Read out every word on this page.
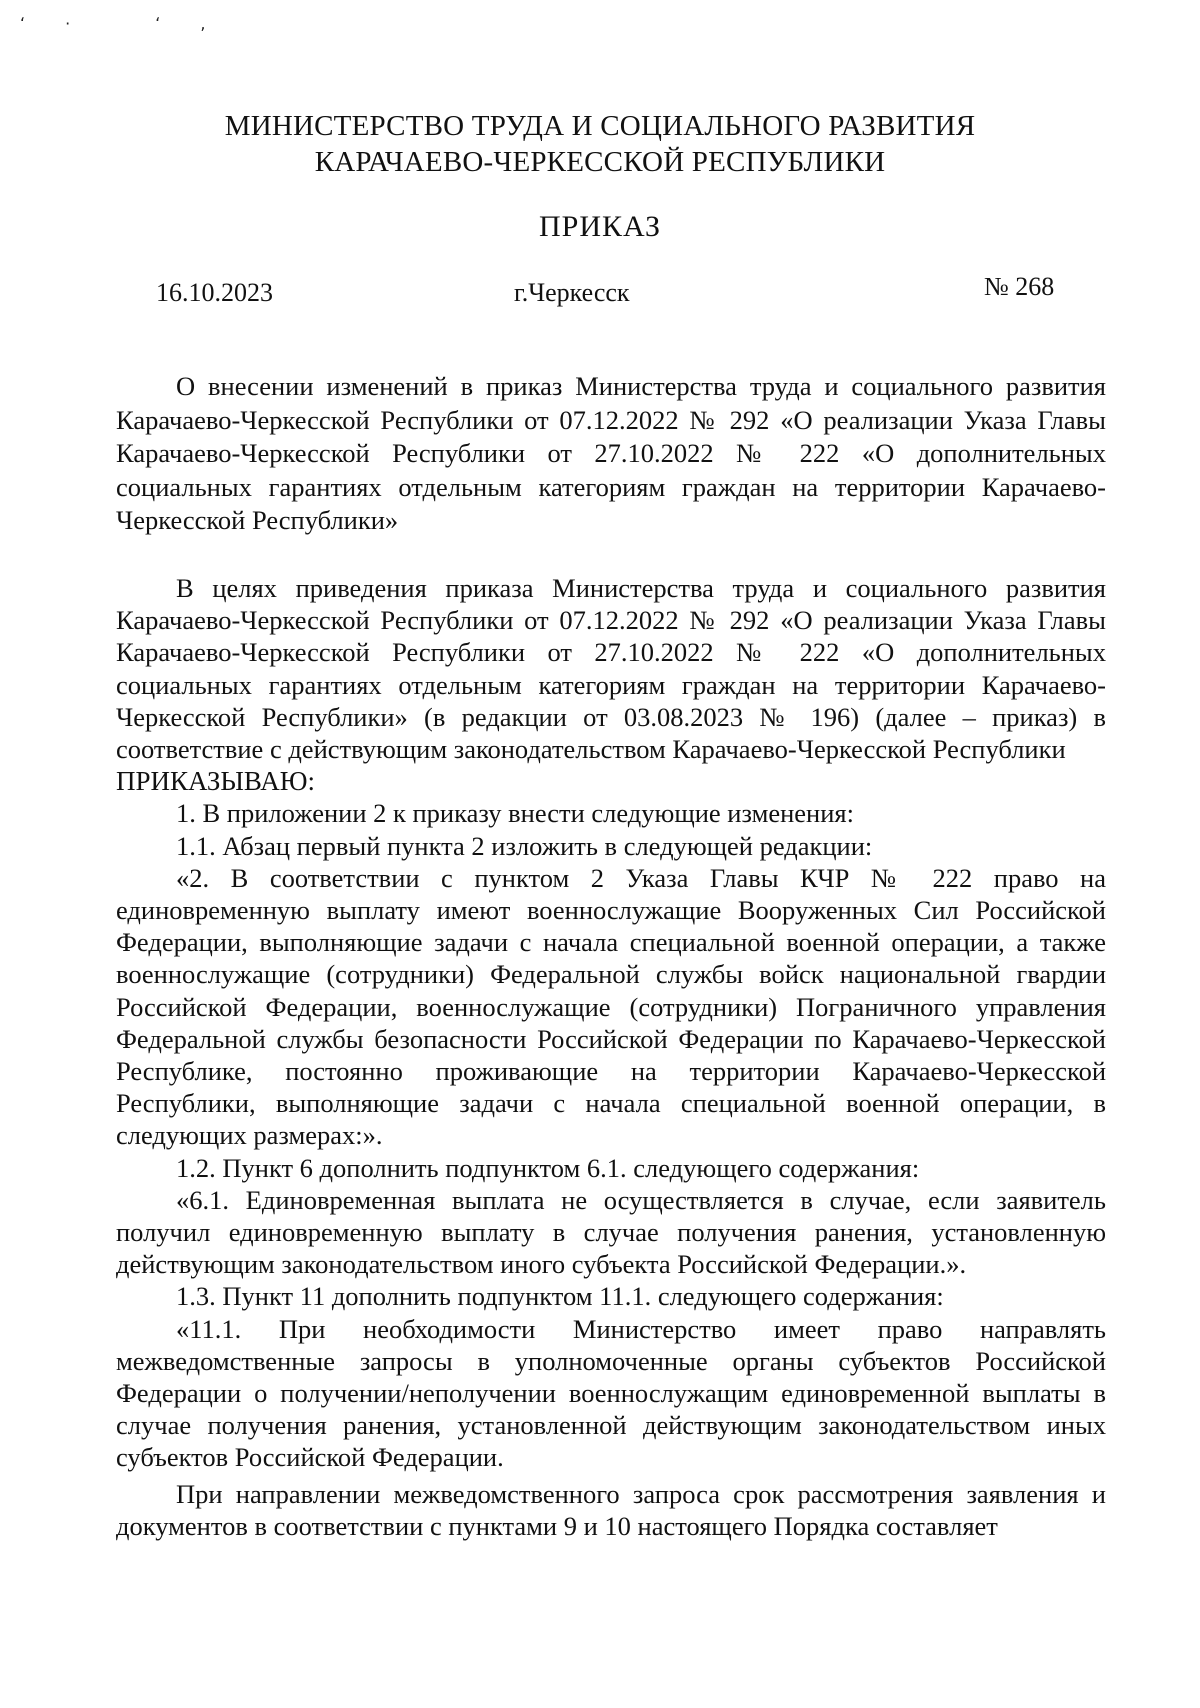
ʻ· ʻ,
МИНИСТЕРСТВО ТРУДА И СОЦИАЛЬНОГО РАЗВИТИЯ
КАРАЧАЕВО-ЧЕРКЕССКОЙ РЕСПУБЛИКИ
ПРИКАЗ
16.10.2023	г.Черкесск	№ 268
О внесении изменений в приказ Министерства труда и социального развития Карачаево-Черкесской Республики от 07.12.2022 № 292 «О реализации Указа Главы Карачаево-Черкесской Республики от 27.10.2022 № 222 «О дополнительных социальных гарантиях отдельным категориям граждан на территории Карачаево-Черкесской Республики»

В целях приведения приказа Министерства труда и социального развития Карачаево-Черкесской Республики от 07.12.2022 № 292 «О реализации Указа Главы Карачаево-Черкесской Республики от 27.10.2022 № 222 «О дополнительных социальных гарантиях отдельным категориям граждан на территории Карачаево-Черкесской Республики» (в редакции от 03.08.2023 № 196) (далее – приказ) в соответствие с действующим законодательством Карачаево-Черкесской Республики

ПРИКАЗЫВАЮ:

1. В приложении 2 к приказу внести следующие изменения:

1.1. Абзац первый пункта 2 изложить в следующей редакции:

«2. В соответствии с пунктом 2 Указа Главы КЧР № 222 право на единовременную выплату имеют военнослужащие Вооруженных Сил Российской Федерации, выполняющие задачи с начала специальной военной операции, а также военнослужащие (сотрудники) Федеральной службы войск национальной гвардии Российской Федерации, военнослужащие (сотрудники) Пограничного управления Федеральной службы безопасности Российской Федерации по Карачаево-Черкесской Республике, постоянно проживающие на территории Карачаево-Черкесской Республики, выполняющие задачи с начала специальной военной операции, в следующих размерах:».

1.2. Пункт 6 дополнить подпунктом 6.1. следующего содержания:

«6.1. Единовременная выплата не осуществляется в случае, если заявитель получил единовременную выплату в случае получения ранения, установленную действующим законодательством иного субъекта Российской Федерации.».

1.3. Пункт 11 дополнить подпунктом 11.1. следующего содержания:

«11.1. При необходимости Министерство имеет право направлять межведомственные запросы в уполномоченные органы субъектов Российской Федерации о получении/неполучении военнослужащим единовременной выплаты в случае получения ранения, установленной действующим законодательством иных субъектов Российской Федерации.

При направлении межведомственного запроса срок рассмотрения заявления и документов в соответствии с пунктами 9 и 10 настоящего Порядка составляет
